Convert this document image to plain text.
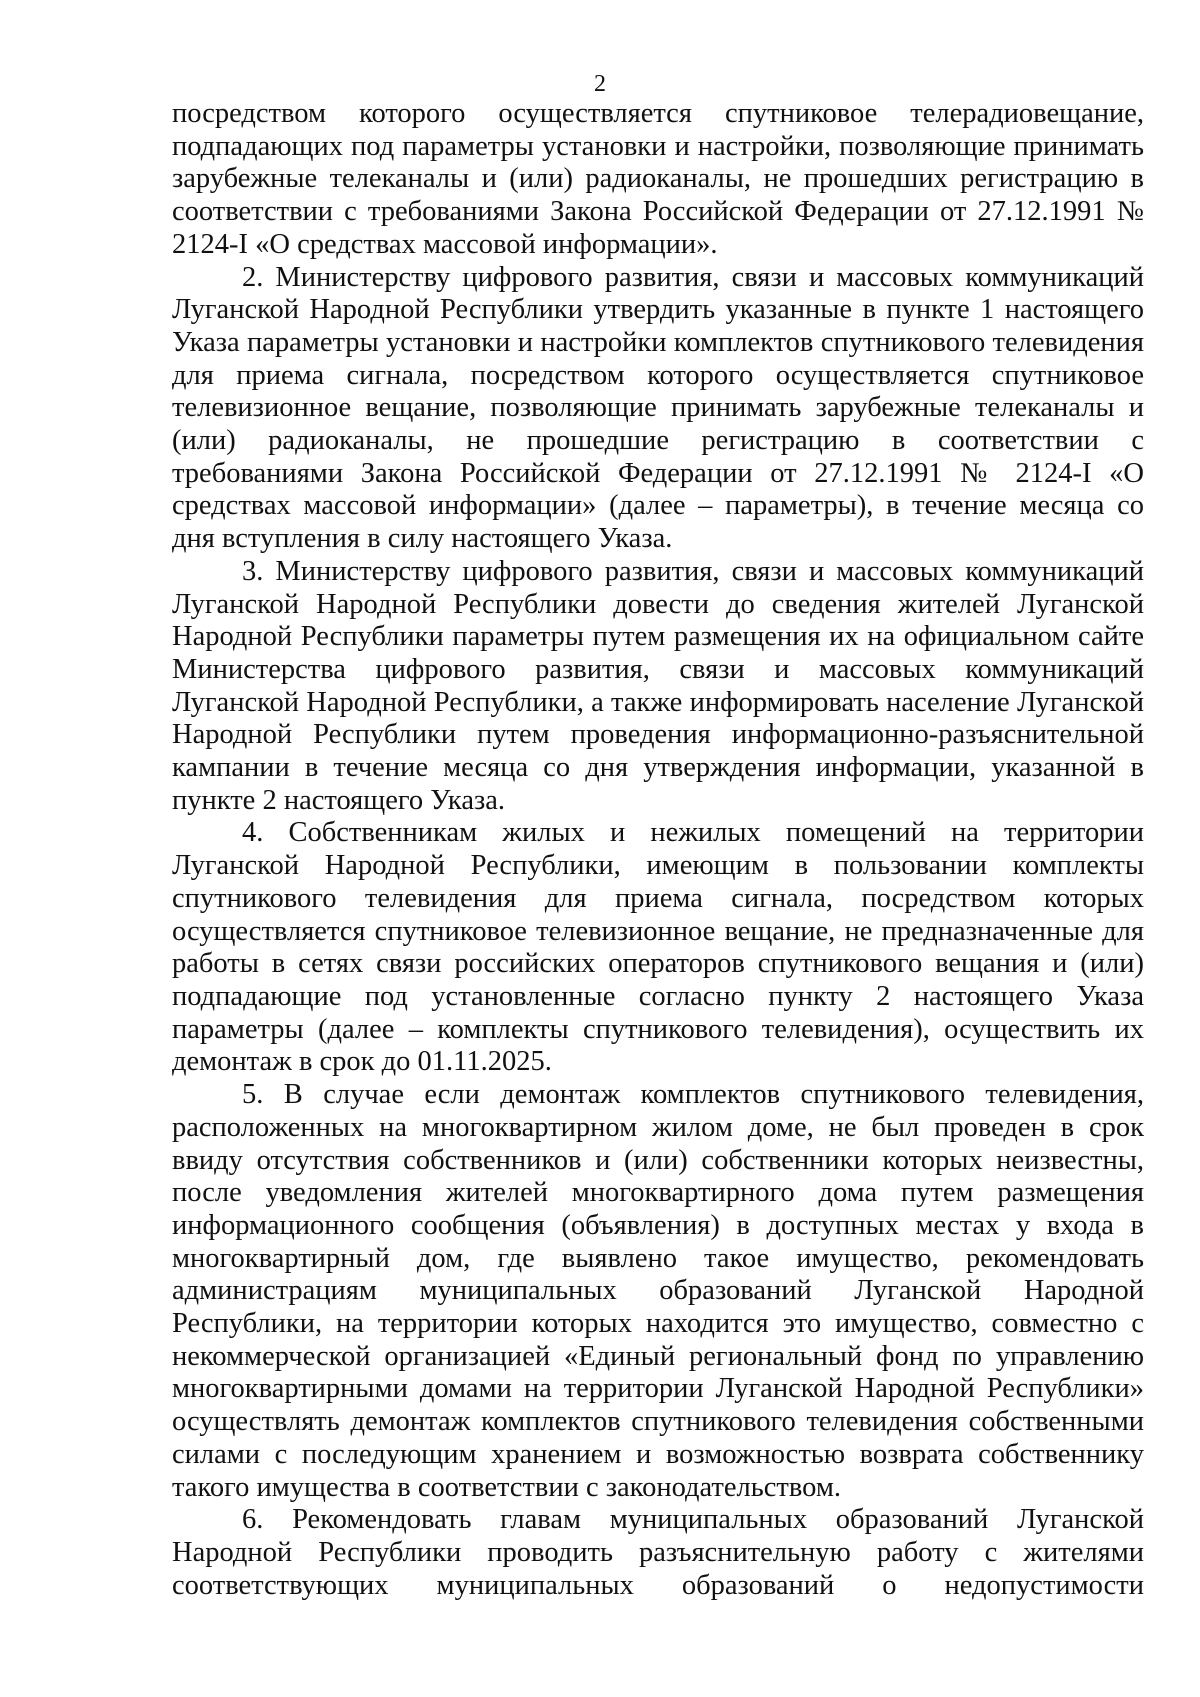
2

посредством которого осуществляется спутниковое телерадиовещание, подпадающих под параметры установки и настройки, позволяющие принимать зарубежные телеканалы и (или) радиоканалы, не прошедших регистрацию в соответствии с требованиями Закона Российской Федерации от 27.12.1991 № 2124-I «О средствах массовой информации».

2. Министерству цифрового развития, связи и массовых коммуникаций Луганской Народной Республики утвердить указанные в пункте 1 настоящего Указа параметры установки и настройки комплектов спутникового телевидения для приема сигнала, посредством которого осуществляется спутниковое телевизионное вещание, позволяющие принимать зарубежные телеканалы и (или) радиоканалы, не прошедшие регистрацию в соответствии с требованиями Закона Российской Федерации от 27.12.1991 № 2124-I «О средствах массовой информации» (далее – параметры), в течение месяца со дня вступления в силу настоящего Указа.

3. Министерству цифрового развития, связи и массовых коммуникаций Луганской Народной Республики довести до сведения жителей Луганской Народной Республики параметры путем размещения их на официальном сайте Министерства цифрового развития, связи и массовых коммуникаций Луганской Народной Республики, а также информировать население Луганской Народной Республики путем проведения информационно-разъяснительной кампании в течение месяца со дня утверждения информации, указанной в пункте 2 настоящего Указа.

4. Собственникам жилых и нежилых помещений на территории Луганской Народной Республики, имеющим в пользовании комплекты спутникового телевидения для приема сигнала, посредством которых осуществляется спутниковое телевизионное вещание, не предназначенные для работы в сетях связи российских операторов спутникового вещания и (или) подпадающие под установленные согласно пункту 2 настоящего Указа параметры (далее – комплекты спутникового телевидения), осуществить их демонтаж в срок до 01.11.2025.

5. В случае если демонтаж комплектов спутникового телевидения, расположенных на многоквартирном жилом доме, не был проведен в срок ввиду отсутствия собственников и (или) собственники которых неизвестны, после уведомления жителей многоквартирного дома путем размещения информационного сообщения (объявления) в доступных местах у входа в многоквартирный дом, где выявлено такое имущество, рекомендовать администрациям муниципальных образований Луганской Народной Республики, на территории которых находится это имущество, совместно с некоммерческой организацией «Единый региональный фонд по управлению многоквартирными домами на территории Луганской Народной Республики» осуществлять демонтаж комплектов спутникового телевидения собственными силами с последующим хранением и возможностью возврата собственнику такого имущества в соответствии с законодательством.

6. Рекомендовать главам муниципальных образований Луганской Народной Республики проводить разъяснительную работу с жителями соответствующих муниципальных образований о недопустимости
